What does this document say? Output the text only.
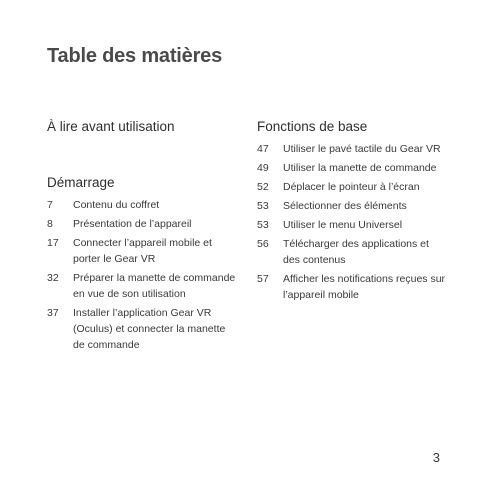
Table des matières
À lire avant utilisation
Démarrage
7	Contenu du coffret
8	Présentation de l’appareil
17	Connecter l’appareil mobile et porter le Gear VR
32	Préparer la manette de commande en vue de son utilisation
37	Installer l’application Gear VR (Oculus) et connecter la manette de commande
Fonctions de base
47	Utiliser le pavé tactile du Gear VR
49	Utiliser la manette de commande
52	Déplacer le pointeur à l’écran
53	Sélectionner des éléments
53	Utiliser le menu Universel
56	Télécharger des applications et des contenus
57	Afficher les notifications reçues sur l’appareil mobile
3
